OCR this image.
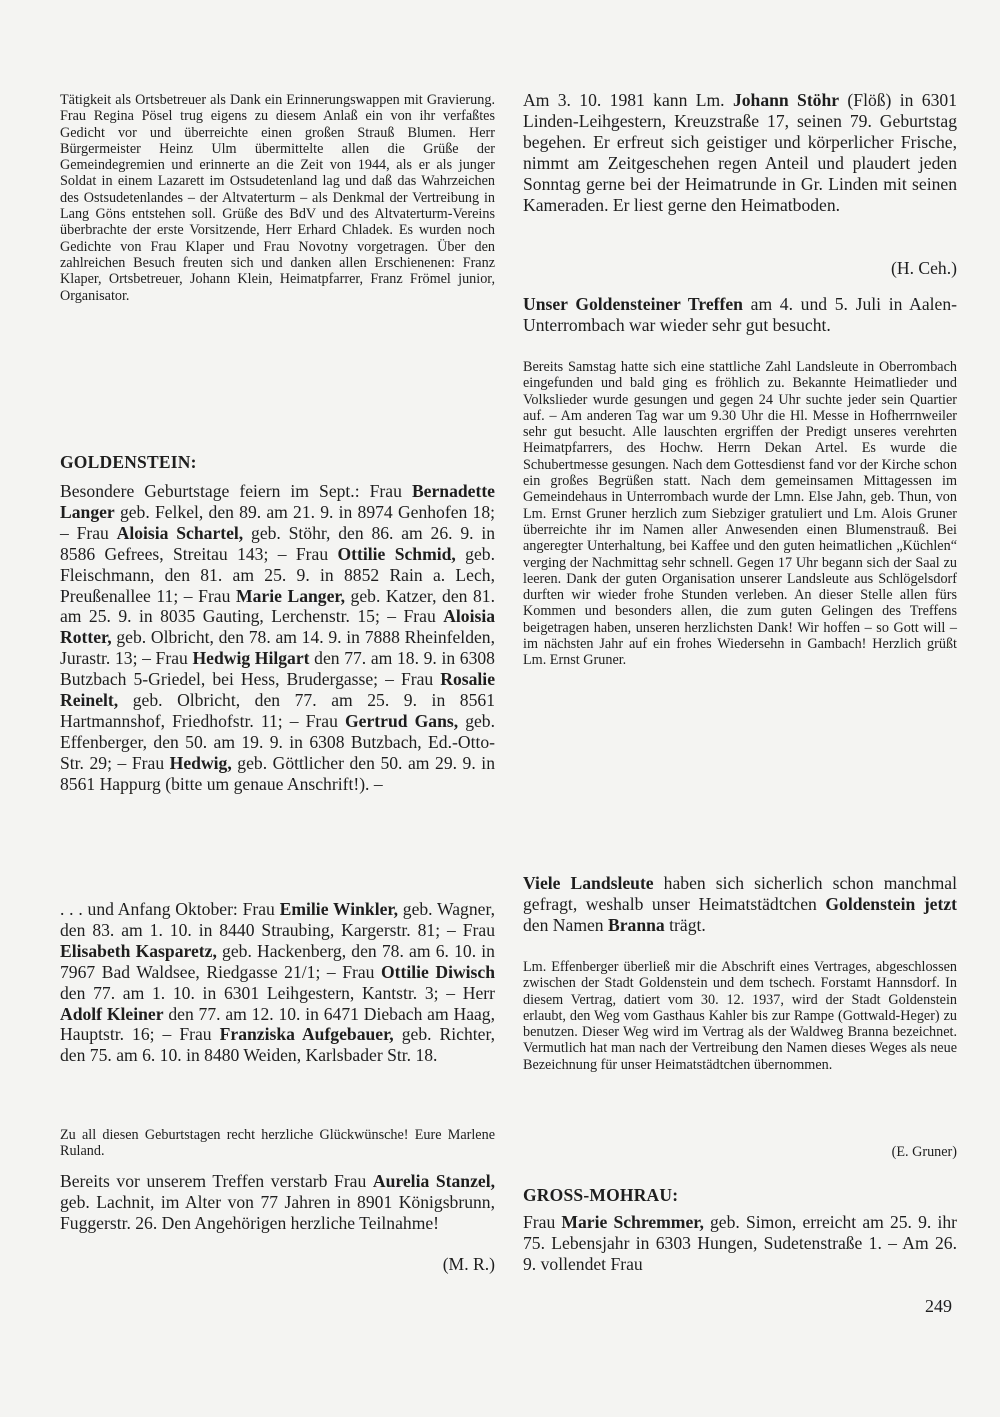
Tätigkeit als Ortsbetreuer als Dank ein Erinnerungswappen mit Gravierung. Frau Regina Pösel trug eigens zu diesem Anlaß ein von ihr verfaßtes Gedicht vor und überreichte einen großen Strauß Blumen. Herr Bürgermeister Heinz Ulm übermittelte allen die Grüße der Gemeindegremien und erinnerte an die Zeit von 1944, als er als junger Soldat in einem Lazarett im Ostsudetenland lag und daß das Wahrzeichen des Ostsudetenlandes – der Altvaterturm – als Denkmal der Vertreibung in Lang Göns entstehen soll. Grüße des BdV und des Altvaterturm-Vereins überbrachte der erste Vorsitzende, Herr Erhard Chladek. Es wurden noch Gedichte von Frau Klaper und Frau Novotny vorgetragen. Über den zahlreichen Besuch freuten sich und danken allen Erschienenen: Franz Klaper, Ortsbetreuer, Johann Klein, Heimatpfarrer, Franz Frömel junior, Organisator.
GOLDENSTEIN:
Besondere Geburtstage feiern im Sept.: Frau Bernadette Langer geb. Felkel, den 89. am 21. 9. in 8974 Genhofen 18; – Frau Aloisia Schartel, geb. Stöhr, den 86. am 26. 9. in 8586 Gefrees, Streitau 143; – Frau Ottilie Schmid, geb. Fleischmann, den 81. am 25. 9. in 8852 Rain a. Lech, Preußenallee 11; – Frau Marie Langer, geb. Katzer, den 81. am 25. 9. in 8035 Gauting, Lerchenstr. 15; – Frau Aloisia Rotter, geb. Olbricht, den 78. am 14. 9. in 7888 Rheinfelden, Jurastr. 13; – Frau Hedwig Hilgart den 77. am 18. 9. in 6308 Butzbach 5-Griedel, bei Hess, Brudergasse; – Frau Rosalie Reinelt, geb. Olbricht, den 77. am 25. 9. in 8561 Hartmannshof, Friedhofstr. 11; – Frau Gertrud Gans, geb. Effenberger, den 50. am 19. 9. in 6308 Butzbach, Ed.-Otto-Str. 29; – Frau Hedwig, geb. Göttlicher den 50. am 29. 9. in 8561 Happurg (bitte um genaue Anschrift!). –
. . . und Anfang Oktober: Frau Emilie Winkler, geb. Wagner, den 83. am 1. 10. in 8440 Straubing, Kargerstr. 81; – Frau Elisabeth Kasparetz, geb. Hackenberg, den 78. am 6. 10. in 7967 Bad Waldsee, Riedgasse 21/1; – Frau Ottilie Diwisch den 77. am 1. 10. in 6301 Leihgestern, Kantstr. 3; – Herr Adolf Kleiner den 77. am 12. 10. in 6471 Diebach am Haag, Hauptstr. 16; – Frau Franziska Aufgebauer, geb. Richter, den 75. am 6. 10. in 8480 Weiden, Karlsbader Str. 18.
Zu all diesen Geburtstagen recht herzliche Glückwünsche! Eure Marlene Ruland.
Bereits vor unserem Treffen verstarb Frau Aurelia Stanzel, geb. Lachnit, im Alter von 77 Jahren in 8901 Königsbrunn, Fuggerstr. 26. Den Angehörigen herzliche Teilnahme!
(M. R.)
Am 3. 10. 1981 kann Lm. Johann Stöhr (Flöß) in 6301 Linden-Leihgestern, Kreuzstraße 17, seinen 79. Geburtstag begehen. Er erfreut sich geistiger und körperlicher Frische, nimmt am Zeitgeschehen regen Anteil und plaudert jeden Sonntag gerne bei der Heimatrunde in Gr. Linden mit seinen Kameraden. Er liest gerne den Heimatboden.
(H. Ceh.)
Unser Goldensteiner Treffen am 4. und 5. Juli in Aalen-Unterrombach war wieder sehr gut besucht.
Bereits Samstag hatte sich eine stattliche Zahl Landsleute in Oberrombach eingefunden und bald ging es fröhlich zu. Bekannte Heimatlieder und Volkslieder wurde gesungen und gegen 24 Uhr suchte jeder sein Quartier auf. – Am anderen Tag war um 9.30 Uhr die Hl. Messe in Hofherrnweiler sehr gut besucht. Alle lauschten ergriffen der Predigt unseres verehrten Heimatpfarrers, des Hochw. Herrn Dekan Artel. Es wurde die Schubertmesse gesungen. Nach dem Gottesdienst fand vor der Kirche schon ein großes Begrüßen statt. Nach dem gemeinsamen Mittagessen im Gemeindehaus in Unterrombach wurde der Lmn. Else Jahn, geb. Thun, von Lm. Ernst Gruner herzlich zum Siebziger gratuliert und Lm. Alois Gruner überreichte ihr im Namen aller Anwesenden einen Blumenstrauß. Bei angeregter Unterhaltung, bei Kaffee und den guten heimatlichen „Küchlen“ verging der Nachmittag sehr schnell. Gegen 17 Uhr begann sich der Saal zu leeren. Dank der guten Organisation unserer Landsleute aus Schlögelsdorf durften wir wieder frohe Stunden verleben. An dieser Stelle allen fürs Kommen und besonders allen, die zum guten Gelingen des Treffens beigetragen haben, unseren herzlichsten Dank! Wir hoffen – so Gott will – im nächsten Jahr auf ein frohes Wiedersehn in Gambach! Herzlich grüßt Lm. Ernst Gruner.
Viele Landsleute haben sich sicherlich schon manchmal gefragt, weshalb unser Heimatstädtchen Goldenstein jetzt den Namen Branna trägt.
Lm. Effenberger überließ mir die Abschrift eines Vertrages, abgeschlossen zwischen der Stadt Goldenstein und dem tschech. Forstamt Hannsdorf. In diesem Vertrag, datiert vom 30. 12. 1937, wird der Stadt Goldenstein erlaubt, den Weg vom Gasthaus Kahler bis zur Rampe (Gottwald-Heger) zu benutzen. Dieser Weg wird im Vertrag als der Waldweg Branna bezeichnet. Vermutlich hat man nach der Vertreibung den Namen dieses Weges als neue Bezeichnung für unser Heimatstädtchen übernommen.
(E. Gruner)
GROSS-MOHRAU:
Frau Marie Schremmer, geb. Simon, erreicht am 25. 9. ihr 75. Lebensjahr in 6303 Hungen, Sudetenstraße 1. – Am 26. 9. vollendet Frau
249
